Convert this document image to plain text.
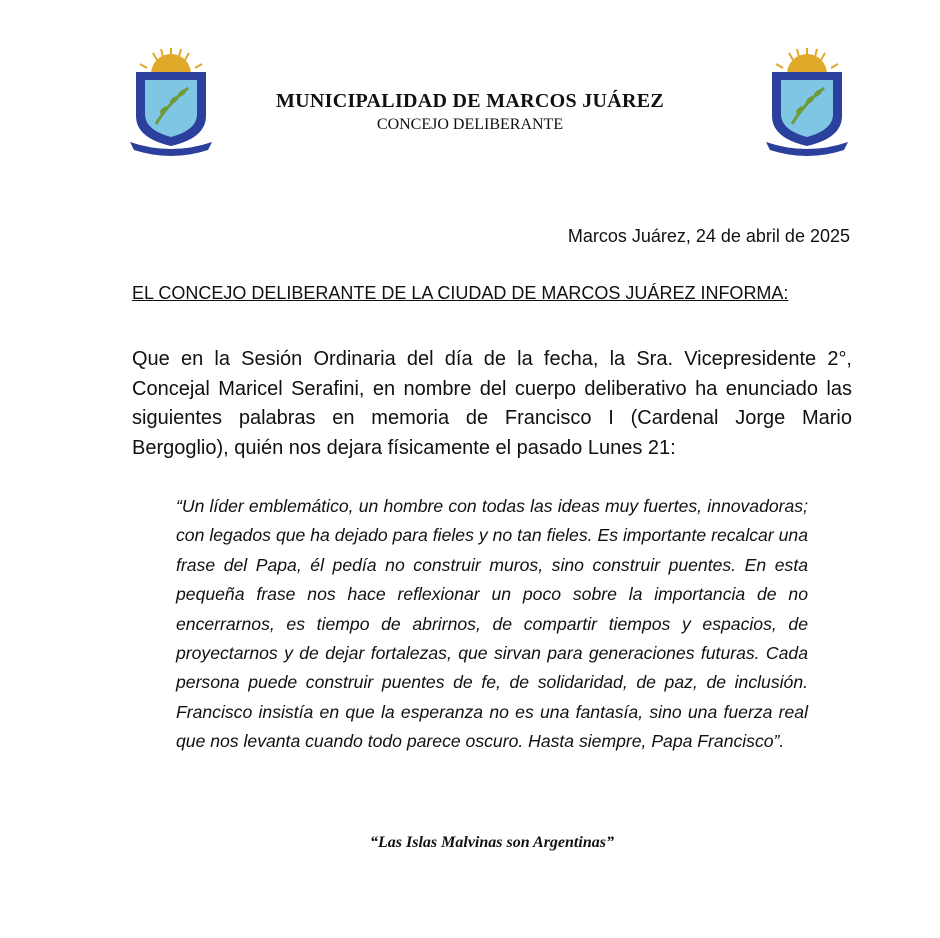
MUNICIPALIDAD DE MARCOS JUÁREZ
CONCEJO DELIBERANTE
Marcos Juárez, 24 de abril de 2025
EL CONCEJO DELIBERANTE DE LA CIUDAD DE MARCOS JUÁREZ INFORMA:
Que en la Sesión Ordinaria del día de la fecha, la Sra. Vicepresidente 2°, Concejal Maricel Serafini, en nombre del cuerpo deliberativo ha enunciado las siguientes palabras en memoria de Francisco I (Cardenal Jorge Mario Bergoglio), quién nos dejara físicamente el pasado Lunes 21:
“Un líder emblemático, un hombre con todas las ideas muy fuertes, innovadoras; con legados que ha dejado para fieles y no tan fieles. Es importante recalcar una frase del Papa, él pedía no construir muros, sino construir puentes. En esta pequeña frase nos hace reflexionar un poco sobre la importancia de no encerrarnos, es tiempo de abrirnos, de compartir tiempos y espacios, de proyectarnos y de dejar fortalezas, que sirvan para generaciones futuras. Cada persona puede construir puentes de fe, de solidaridad, de paz, de inclusión. Francisco insistía en que la esperanza no es una fantasía, sino una fuerza real que nos levanta cuando todo parece oscuro. Hasta siempre, Papa Francisco”.
“Las Islas Malvinas son Argentinas”
